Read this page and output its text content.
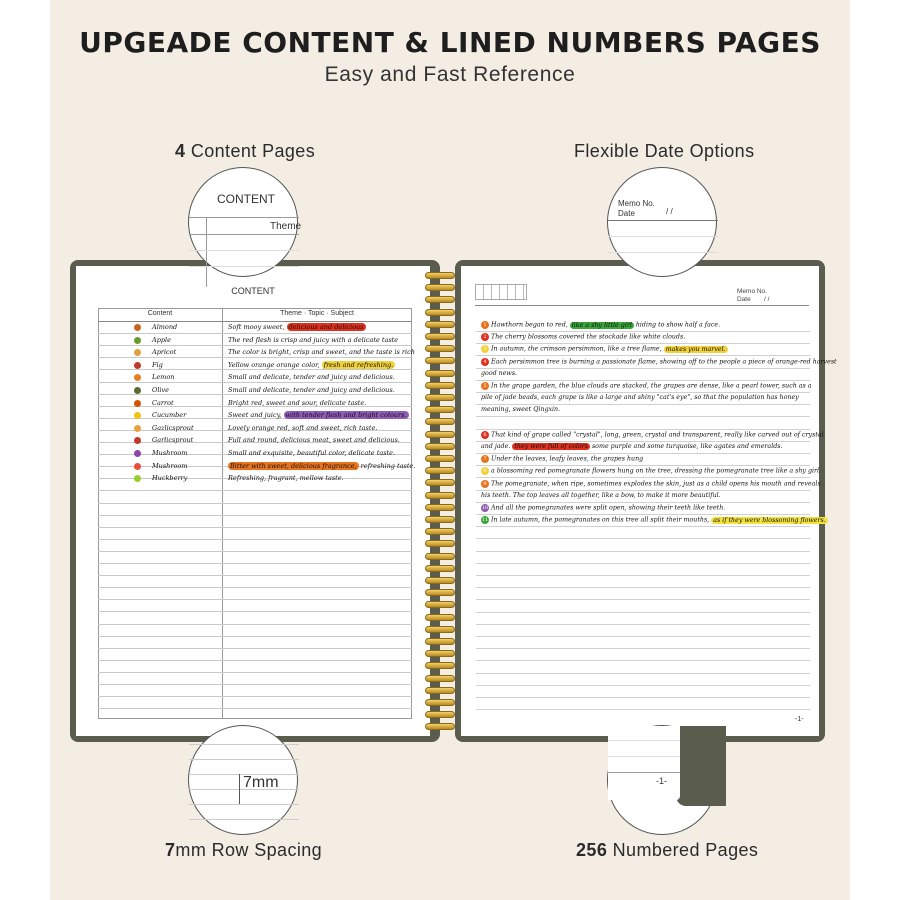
UPGEADE CONTENT & LINED NUMBERS PAGES
Easy and Fast Reference
4 Content Pages	Flexible Date Options
7mm Row Spacing	256 Numbered Pages
CONTENT
Content	Theme · Topic · Subject
Almond	Soft mooy sweet, delicious and delicious
Apple	The red flesh is crisp and juicy with a delicate taste
Apricot	The color is bright, crisp and sweet, and the taste is rich
Fig	Yellow orange orange color, fresh and refreshing.
Lemon	Small and delicate, tender and juicy and delicious.
Olive	Small and delicate, tender and juicy and delicious.
Carrot	Bright red, sweet and sour, delicate taste.
Cucumber	Sweet and juicy, with tender flesh and bright colours.
Gazlicsprout	Lovely orange red, soft and sweet, rich taste.
Garlicsprout	Full and round, delicious meat, sweet and delicious.
Mushroom	Small and exquisite, beautiful color, delicate taste.
Mushroom	Bitter with sweet, delicious fragrance, refreshing taste.
Huckberry	Refreshing, fragrant, mellow taste.
Memo No.
Date / /
1 Hawthorn began to red, like a shy little girl hiding to show half a face.
2 The cherry blossoms covered the stockade like white clouds.
3 In autumn, the crimson persimmon, like a tree flame, makes you marvel.
4 Each persimmon tree is burning a passionate flame, showing off to the people a piece of orange-red harvest
good news.
5 In the grape garden, the blue clouds are stacked, the grapes are dense, like a pearl tower, such as a
pile of jade beads, each grape is like a large and shiny "cat's eye", so that the population has honey
meaning, sweet Qingxin.
6 That kind of grape called "crystal", long, green, crystal and transparent, really like carved out of crystal
and jade. they were full of colors some purple and some turquoise, like agates and emeralds.
7 Under the leaves, leafy leaves, the grapes hung
8 a blossoming red pomegranate flowers hung on the tree, dressing the pomegranate tree like a shy girl.
9 The pomegranate, when ripe, sometimes explodes the skin, just as a child opens his mouth and reveals
his teeth. The top leaves all together, like a bow, to make it more beautiful.
10 And all the pomegranates were split open, showing their teeth like teeth.
11 In late autumn, the pomegranates on this tree all split their mouths, as if they were blossoming flowers.
-1-
CONTENT
Theme
Memo No.
Date	/ /
7mm	-1-
